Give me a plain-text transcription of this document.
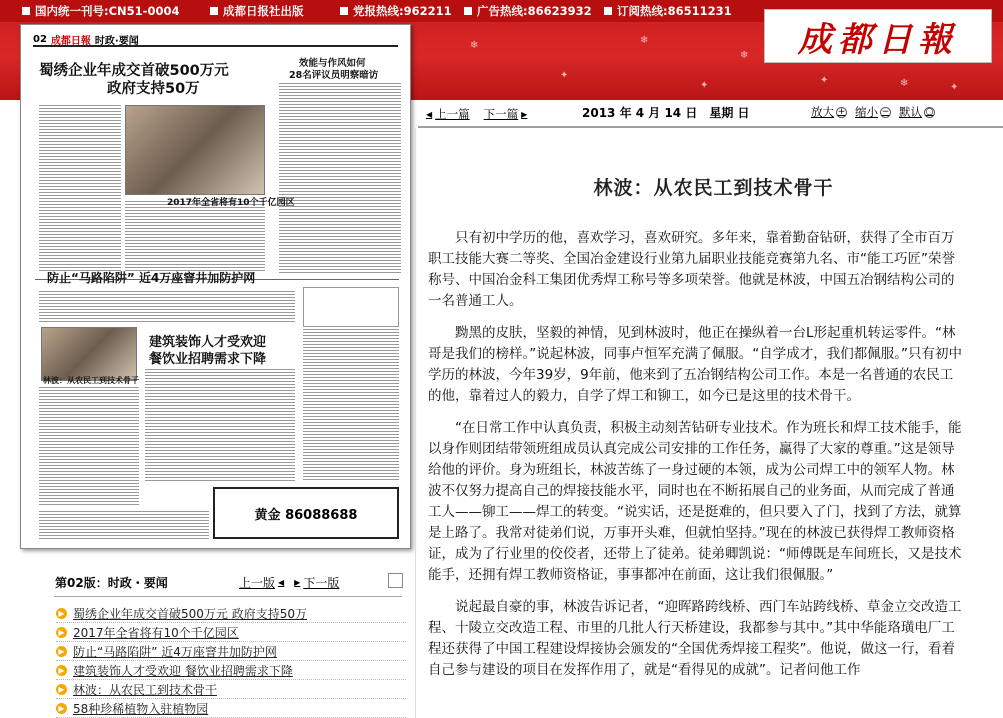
❄
✦
❄
✦
❄
✦	❄	✦
国内统一刊号:CN51-0004	成都日报社出版	党报热线:962211 广告热线:86623932 订阅热线:86511231
成都日報
02 成都日報 时政·要闻
蜀绣企业年成交首破500万元
政府支持50万
效能与作风如何
28名评议员明察暗访
2017年全省将有10个千亿园区
防止“马路陷阱” 近4万座窨井加防护网
建筑装饰人才受欢迎
餐饮业招聘需求下降
林波：从农民工到技术骨干
黄金 86088688
◀ 上一篇 下一篇 ▶	2013 年 4 月 14 日　星期 日	放大 + 缩小 − 默认 ○
林波：从农民工到技术骨干

只有初中学历的他，喜欢学习，喜欢研究。多年来，靠着勤奋钻研，获得了全市百万职工技能大赛二等奖、全国冶金建设行业第九届职业技能竞赛第九名、市“能工巧匠”荣誉称号、中国冶金科工集团优秀焊工称号等多项荣誉。他就是林波，中国五冶钢结构公司的一名普通工人。

黝黑的皮肤，坚毅的神情，见到林波时，他正在操纵着一台L形起重机转运零件。“林哥是我们的榜样。”说起林波，同事卢恒军充满了佩服。“自学成才，我们都佩服。”只有初中学历的林波，今年39岁，9年前，他来到了五冶钢结构公司工作。本是一名普通的农民工的他，靠着过人的毅力，自学了焊工和铆工，如今已是这里的技术骨干。

“在日常工作中认真负责，积极主动刻苦钻研专业技术。作为班长和焊工技术能手，能以身作则团结带领班组成员认真完成公司安排的工作任务，赢得了大家的尊重。”这是领导给他的评价。身为班组长，林波苦练了一身过硬的本领，成为公司焊工中的领军人物。林波不仅努力提高自己的焊接技能水平，同时也在不断拓展自己的业务面，从而完成了普通工人——铆工——焊工的转变。“说实话，还是挺难的，但只要入了门，找到了方法，就算是上路了。我常对徒弟们说，万事开头难，但就怕坚持。”现在的林波已获得焊工教师资格证，成为了行业里的佼佼者，还带上了徒弟。徒弟卿凯说：“师傅既是车间班长，又是技术能手，还拥有焊工教师资格证，事事都冲在前面，这让我们很佩服。”

说起最自豪的事，林波告诉记者，“迎晖路跨线桥、西门车站跨线桥、草金立交改造工程、十陵立交改造工程、市里的几批人行天桥建设，我都参与其中。”其中华能珞璜电厂工程还获得了中国工程建设焊接协会颁发的“全国优秀焊接工程奖”。他说，做这一行，看着自己参与建设的项目在发挥作用了，就是“看得见的成就”。记者问他工作

第02版：时政・要闻	上一版 ◀ ▶ 下一版
▶ 蜀绣企业年成交首破500万元 政府支持50万
▶ 2017年全省将有10个千亿园区
▶ 防止“马路陷阱” 近4万座窨井加防护网
▶ 建筑装饰人才受欢迎 餐饮业招聘需求下降
▶ 林波：从农民工到技术骨干
▶ 58种珍稀植物入驻植物园
